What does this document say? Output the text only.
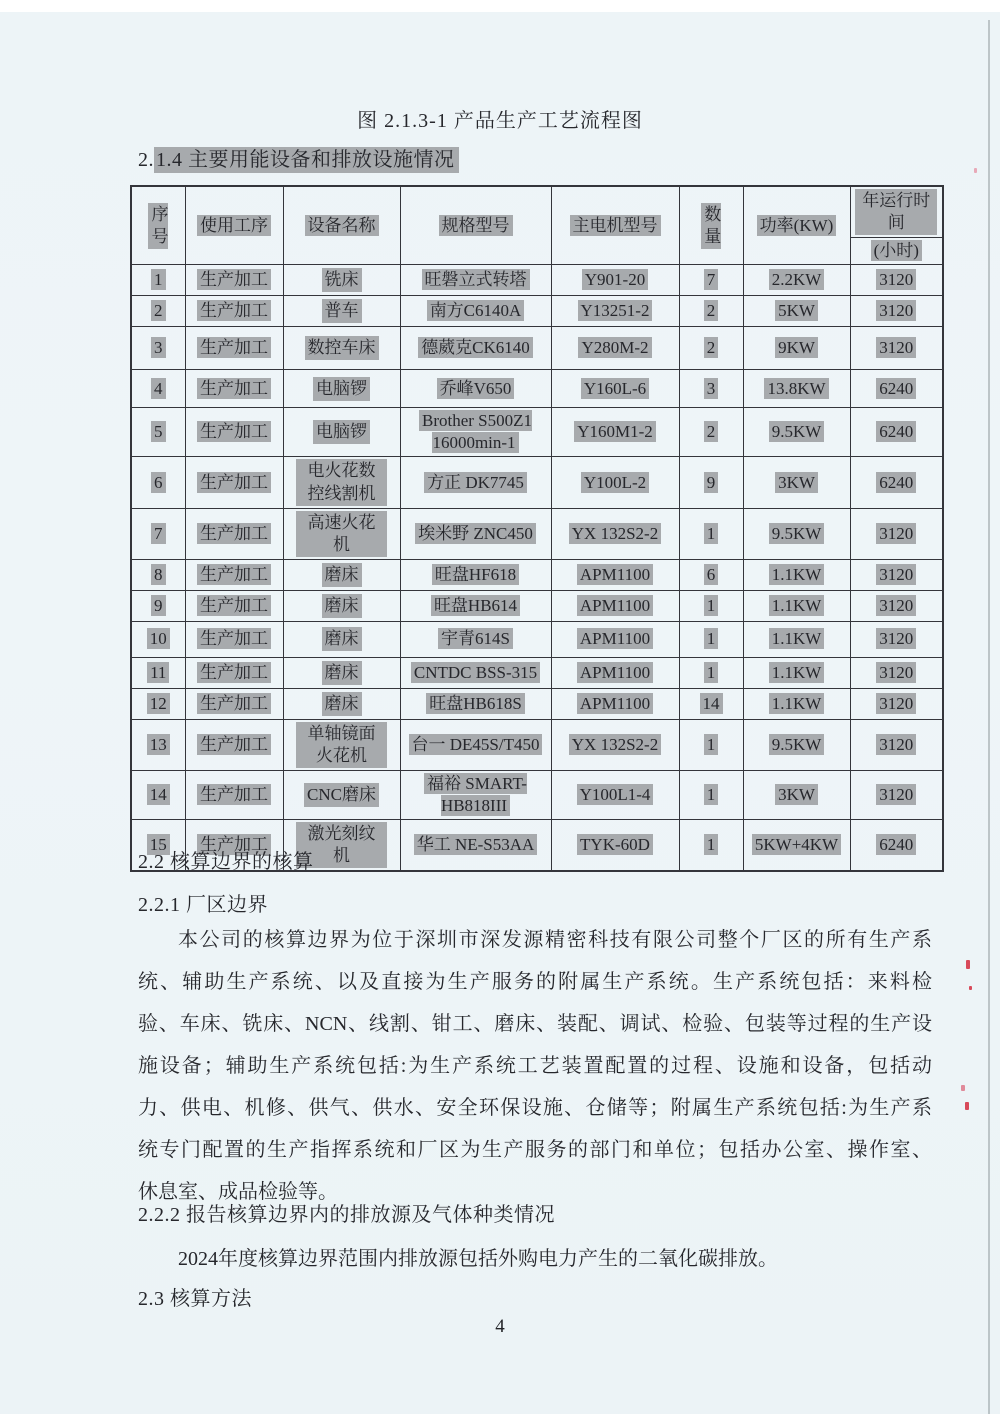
图 2.1.3-1 产品生产工艺流程图
2. 1.4 主要用能设备和排放设施情况
序号	使用工序	设备名称	规格型号	主电机型号	数量	功率(KW)	年运行时间
							(小时)
1	生产加工	铣床	旺磐立式转塔	Y901-20	7	2.2KW	3120
2	生产加工	普车	南方C6140A	Y13251-2	2	5KW	3120
3	生产加工	数控车床	德葳克CK6140	Y280M-2	2	9KW	3120
4	生产加工	电脑锣	乔峰V650	Y160L-6	3	13.8KW	6240
5	生产加工	电脑锣	Brother S500Z1 16000min-1	Y160M1-2	2	9.5KW	6240
6	生产加工	电火花数控线割机	方正 DK7745	Y100L-2	9	3KW	6240
7	生产加工	高速火花机	埃米野 ZNC450	YX 132S2-2	1	9.5KW	3120
8	生产加工	磨床	旺盘HF618	APM1100	6	1.1KW	3120
9	生产加工	磨床	旺盘HB614	APM1100	1	1.1KW	3120
10	生产加工	磨床	宇青614S	APM1100	1	1.1KW	3120
11	生产加工	磨床	CNTDC BSS-315	APM1100	1	1.1KW	3120
12	生产加工	磨床	旺盘HB618S	APM1100	14	1.1KW	3120
13	生产加工	单轴镜面火花机	台一 DE45S/T450	YX 132S2-2	1	9.5KW	3120
14	生产加工	CNC磨床	福裕 SMART-HB818III	Y100L1-4	1	3KW	3120
15	生产加工	激光刻纹机	华工 NE-S53AA	TYK-60D	1	5KW+4KW	6240
2.2 核算边界的核算
2.2.1 厂区边界
本公司的核算边界为位于深圳市深发源精密科技有限公司整个厂区的所有生产系
统、辅助生产系统、以及直接为生产服务的附属生产系统。生产系统包括：来料检
验、车床、铣床、NCN、线割、钳工、磨床、装配、调试、检验、包装等过程的生产设
施设备；辅助生产系统包括:为生产系统工艺装置配置的过程、设施和设备，包括动
力、供电、机修、供气、供水、安全环保设施、仓储等；附属生产系统包括:为生产系
统专门配置的生产指挥系统和厂区为生产服务的部门和单位；包括办公室、操作室、
休息室、成品检验等。
2.2.2 报告核算边界内的排放源及气体种类情况
2024年度核算边界范围内排放源包括外购电力产生的二氧化碳排放。
2.3 核算方法
4
